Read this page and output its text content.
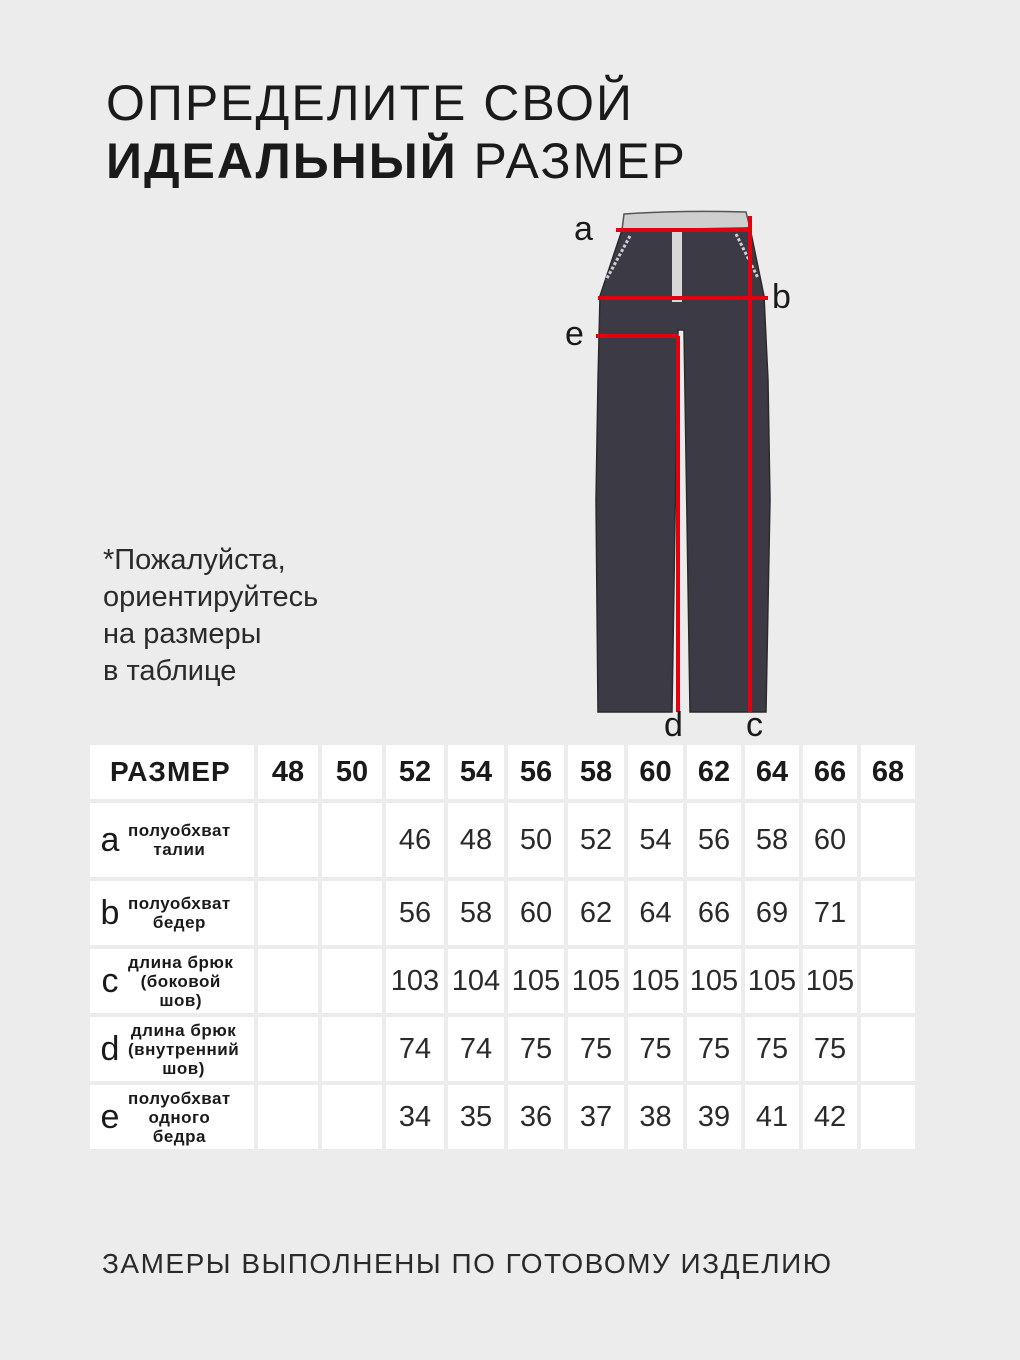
ОПРЕДЕЛИТЕ СВОЙ
ИДЕАЛЬНЫЙ РАЗМЕР

*Пожалуйста,
ориентируйтесь
на размеры
в таблице

a
b
e
d c
РАЗМЕР	48	50	52	54	56	58	60	62	64	66	68

a полуобхват
талии			46	48	50	52	54	56	58	60	

b полуобхват
бедер			56	58	60	62	64	66	69	71	

c длина брюк
(боковой
шов)			103	104	105	105	105	105	105	105	

d длина брюк
(внутренний
шов)			74	74	75	75	75	75	75	75	

e полуобхват
одного
бедра			34	35	36	37	38	39	41	42	

ЗАМЕРЫ ВЫПОЛНЕНЫ ПО ГОТОВОМУ ИЗДЕЛИЮ
